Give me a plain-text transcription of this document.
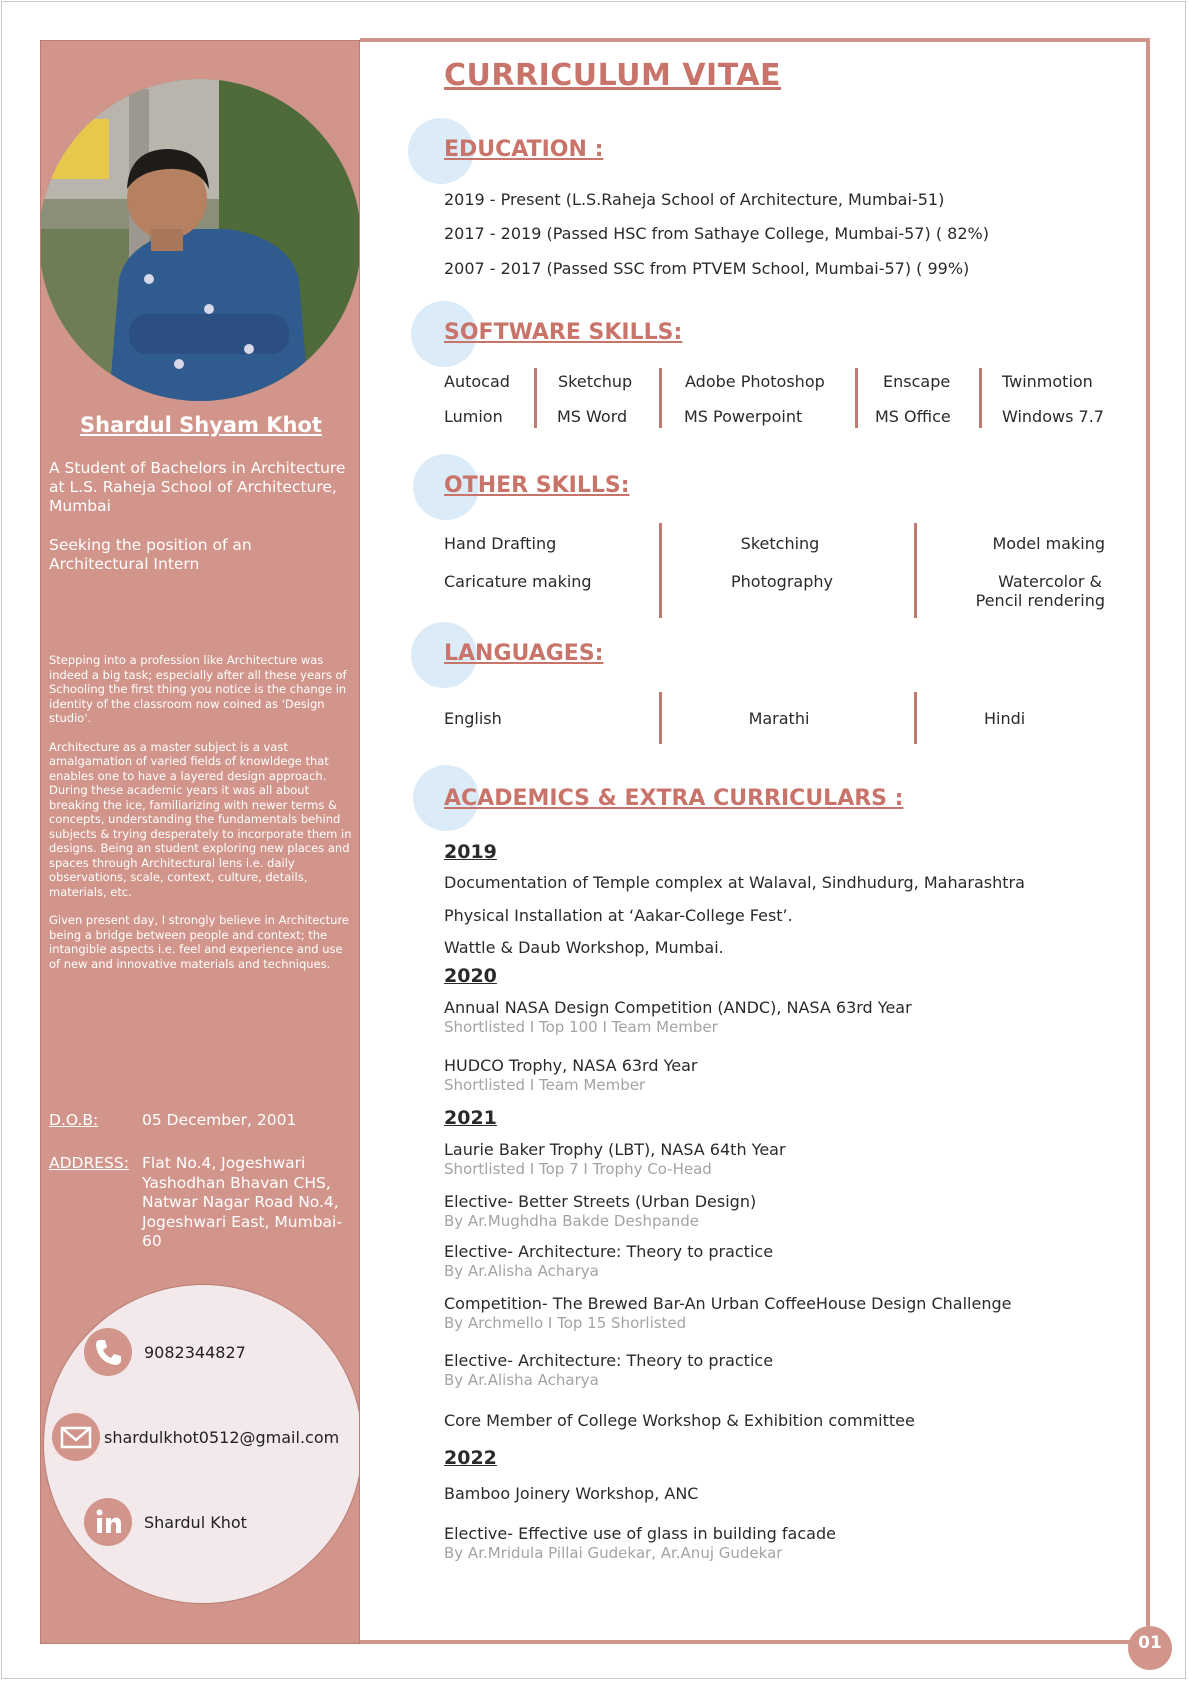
Shardul Shyam Khot
A Student of Bachelors in Architecture at L.S. Raheja School of Architecture, Mumbai
Seeking the position of an Architectural Intern

Stepping into a profession like Architecture was indeed a big task; especially after all these years of Schooling the first thing you notice is the change in identity of the classroom now coined as 'Design studio'.

Architecture as a master subject is a vast amalgamation of varied fields of knowldege that enables one to have a layered design approach. During these academic years it was all about breaking the ice, familiarizing with newer terms & concepts, understanding the fundamentals behind subjects & trying desperately to incorporate them in designs. Being an student exploring new places and spaces through Architectural lens i.e. daily observations, scale, context, culture, details, materials, etc.

Given present day, I strongly believe in Architecture being a bridge between people and context; the intangible aspects i.e. feel and experience and use of new and innovative materials and techniques.

D.O.B:	05 December, 2001
ADDRESS: Flat No.4, Jogeshwari Yashodhan Bhavan CHS, Natwar Nagar Road No.4, Jogeshwari East, Mumbai-60
9082344827
shardulkhot0512@gmail.com
Shardul Khot
CURRICULUM VITAE
EDUCATION :
2019 - Present (L.S.Raheja School of Architecture, Mumbai-51)
2017 - 2019 (Passed HSC from Sathaye College, Mumbai-57) ( 82%)
2007 - 2017 (Passed SSC from PTVEM School, Mumbai-57) ( 99%)
SOFTWARE SKILLS:
Autocad	Sketchup	Adobe Photoshop	Enscape	Twinmotion
Lumion	MS Word	MS Powerpoint	MS Office	Windows 7.7
OTHER SKILLS:
Hand Drafting	Sketching	Model making
Caricature making	Photography	Watercolor &
Pencil rendering
LANGUAGES:
English	Marathi	Hindi
ACADEMICS & EXTRA CURRICULARS :
2019
Documentation of Temple complex at Walaval, Sindhudurg, Maharashtra
Physical Installation at ‘Aakar-College Fest’.
Wattle & Daub Workshop, Mumbai.
2020
Annual NASA Design Competition (ANDC), NASA 63rd Year
Shortlisted I Top 100 I Team Member
HUDCO Trophy, NASA 63rd Year
Shortlisted I Team Member
2021
Laurie Baker Trophy (LBT), NASA 64th Year
Shortlisted I Top 7 I Trophy Co-Head
Elective- Better Streets (Urban Design)
By Ar.Mughdha Bakde Deshpande
Elective- Architecture: Theory to practice
By Ar.Alisha Acharya
Competition- The Brewed Bar-An Urban CoffeeHouse Design Challenge
By Archmello I Top 15 Shorlisted
Elective- Architecture: Theory to practice
By Ar.Alisha Acharya
Core Member of College Workshop & Exhibition committee
2022
Bamboo Joinery Workshop, ANC
Elective- Effective use of glass in building facade
By Ar.Mridula Pillai Gudekar, Ar.Anuj Gudekar
01
